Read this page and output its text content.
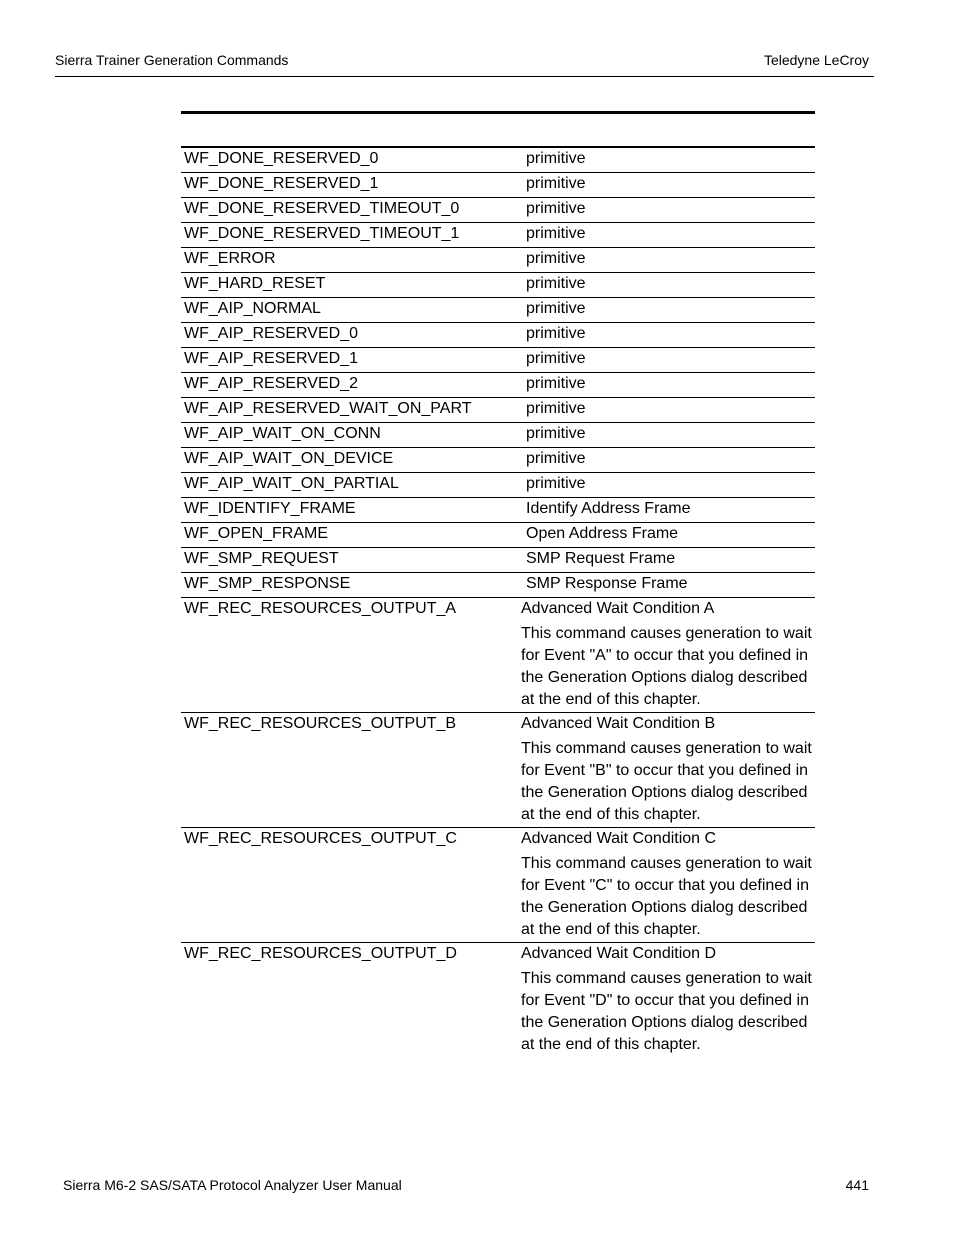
Sierra Trainer Generation Commands	Teledyne LeCroy
WF_DONE_RESERVED_0	primitive
WF_DONE_RESERVED_1	primitive
WF_DONE_RESERVED_TIMEOUT_0	primitive
WF_DONE_RESERVED_TIMEOUT_1	primitive
WF_ERROR	primitive
WF_HARD_RESET	primitive
WF_AIP_NORMAL	primitive
WF_AIP_RESERVED_0	primitive
WF_AIP_RESERVED_1	primitive
WF_AIP_RESERVED_2	primitive
WF_AIP_RESERVED_WAIT_ON_PART	primitive
WF_AIP_WAIT_ON_CONN	primitive
WF_AIP_WAIT_ON_DEVICE	primitive
WF_AIP_WAIT_ON_PARTIAL	primitive
WF_IDENTIFY_FRAME	Identify Address Frame
WF_OPEN_FRAME	Open Address Frame
WF_SMP_REQUEST	SMP Request Frame
WF_SMP_RESPONSE	SMP Response Frame
WF_REC_RESOURCES_OUTPUT_A	Advanced Wait Condition A
This command causes generation to wait for Event "A" to occur that you defined in the Generation Options dialog described at the end of this chapter.

WF_REC_RESOURCES_OUTPUT_B	Advanced Wait Condition B
This command causes generation to wait for Event "B" to occur that you defined in the Generation Options dialog described at the end of this chapter.

WF_REC_RESOURCES_OUTPUT_C	Advanced Wait Condition C
This command causes generation to wait for Event "C" to occur that you defined in the Generation Options dialog described at the end of this chapter.

WF_REC_RESOURCES_OUTPUT_D	Advanced Wait Condition D
This command causes generation to wait for Event "D" to occur that you defined in the Generation Options dialog described at the end of this chapter.
Sierra M6-2 SAS/SATA Protocol Analyzer User Manual	441
